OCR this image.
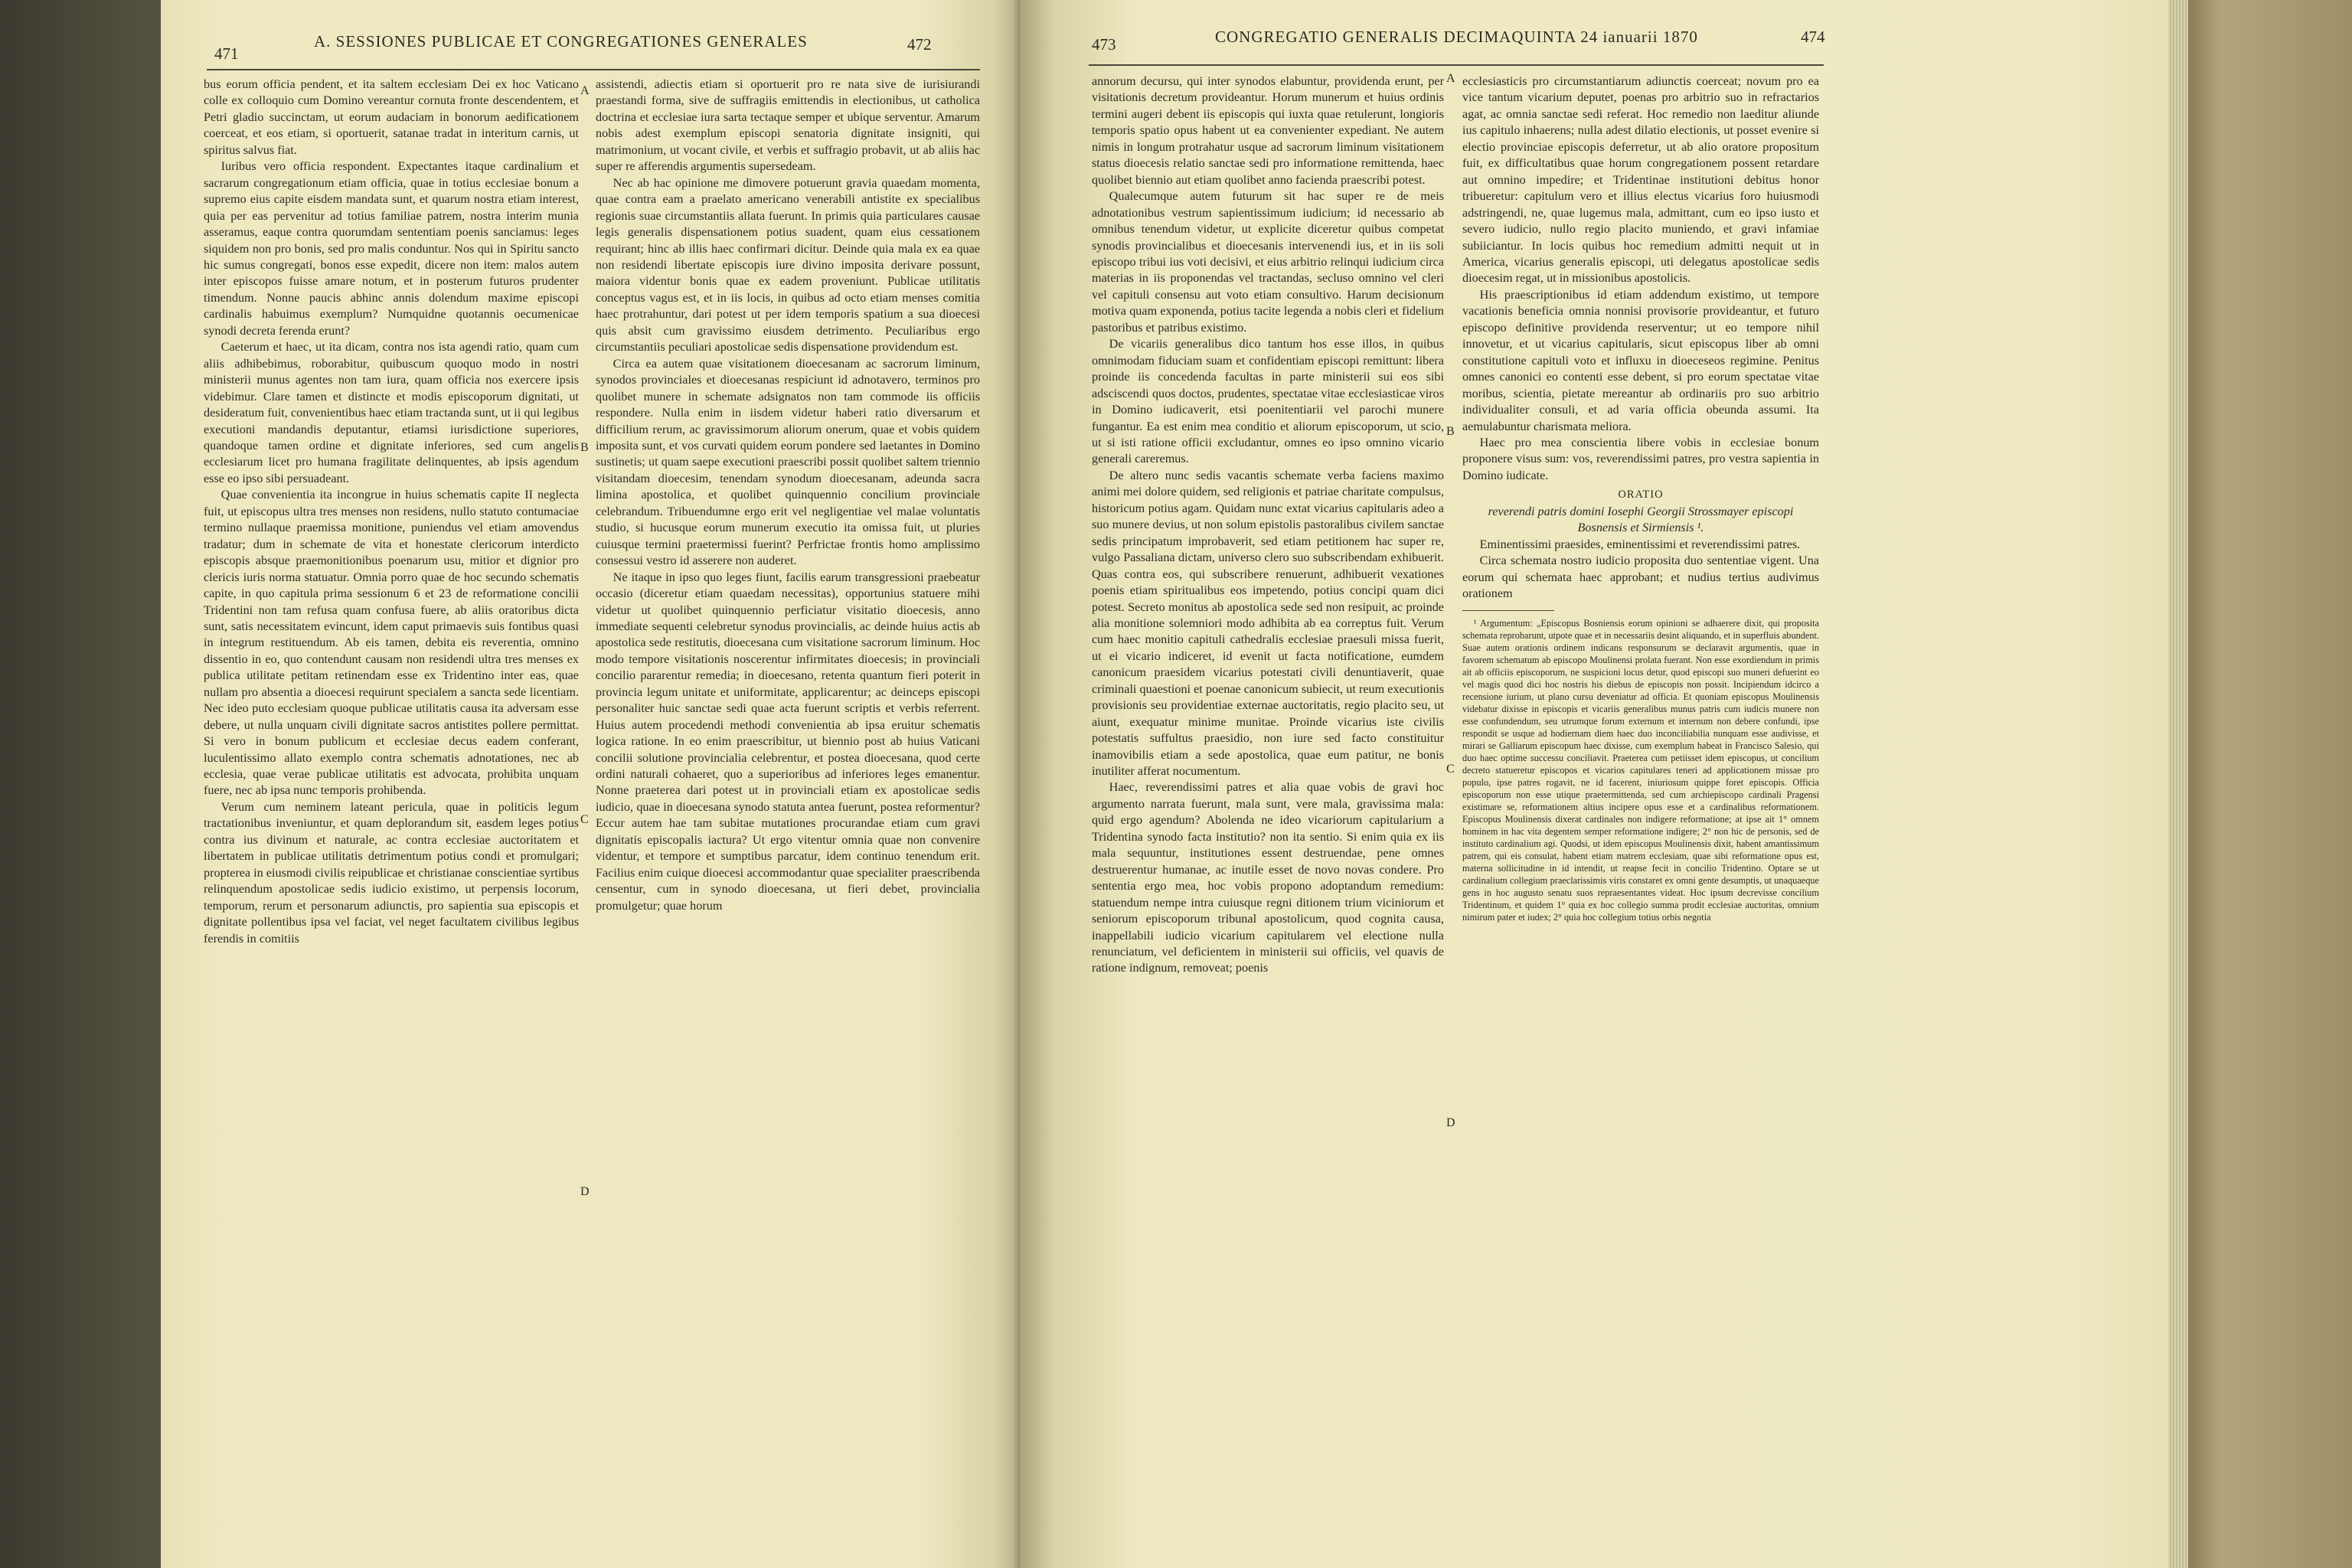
471
A. SESSIONES PUBLICAE ET CONGREGATIONES GENERALES	472

bus eorum officia pendent, et ita saltem ecclesiam Dei ex hoc Vaticano colle ex colloquio cum Domino vereantur cornuta fronte descendentem, et Petri gladio succinctam, ut eorum audaciam in bonorum aedificationem coerceat, et eos etiam, si oportuerit, satanae tradat in interitum carnis, ut spiritus salvus fiat.

Iuribus vero officia respondent. Expectantes itaque cardinalium et sacrarum congregationum etiam officia, quae in totius ecclesiae bonum a supremo eius capite eisdem mandata sunt, et quarum nostra etiam interest, quia per eas pervenitur ad totius familiae patrem, nostra interim munia asseramus, eaque contra quorumdam sententiam poenis sanciamus: leges siquidem non pro bonis, sed pro malis conduntur. Nos qui in Spiritu sancto hic sumus congregati, bonos esse expedit, dicere non item: malos autem inter episcopos fuisse amare notum, et in posterum futuros prudenter timendum. Nonne paucis abhinc annis dolendum maxime episcopi cardinalis habuimus exemplum? Numquidne quotannis oecumenicae synodi decreta ferenda erunt?

Caeterum et haec, ut ita dicam, contra nos ista agendi ratio, quam cum aliis adhibebimus, roborabitur, quibuscum quoquo modo in nostri ministerii munus agentes non tam iura, quam officia nos exercere ipsis videbimur. Clare tamen et distincte et modis episcoporum dignitati, ut desideratum fuit, convenientibus haec etiam tractanda sunt, ut ii qui legibus executioni mandandis deputantur, etiamsi iurisdictione superiores, quandoque tamen ordine et dignitate inferiores, sed cum angelis ecclesiarum licet pro humana fragilitate delinquentes, ab ipsis agendum esse eo ipso sibi persuadeant.

Quae convenientia ita incongrue in huius schematis capite II neglecta fuit, ut episcopus ultra tres menses non residens, nullo statuto contumaciae termino nullaque praemissa monitione, puniendus vel etiam amovendus tradatur; dum in schemate de vita et honestate clericorum interdicto episcopis absque praemonitionibus poenarum usu, mitior et dignior pro clericis iuris norma statuatur. Omnia porro quae de hoc secundo schematis capite, in quo capitula prima sessionum 6 et 23 de reformatione concilii Tridentini non tam refusa quam confusa fuere, ab aliis oratoribus dicta sunt, satis necessitatem evincunt, idem caput primaevis suis fontibus quasi in integrum restituendum. Ab eis tamen, debita eis reverentia, omnino dissentio in eo, quo contendunt causam non residendi ultra tres menses ex publica utilitate petitam retinendam esse ex Tridentino inter eas, quae nullam pro absentia a dioecesi requirunt specialem a sancta sede licentiam. Nec ideo puto ecclesiam quoque publicae utilitatis causa ita adversam esse debere, ut nulla unquam civili dignitate sacros antistites pollere permittat. Si vero in bonum publicum et ecclesiae decus eadem conferant, luculentissimo allato exemplo contra schematis adnotationes, nec ab ecclesia, quae verae publicae utilitatis est advocata, prohibita unquam fuere, nec ab ipsa nunc temporis prohibenda.

Verum cum neminem lateant pericula, quae in politicis legum tractationibus inveniuntur, et quam deplorandum sit, easdem leges potius contra ius divinum et naturale, ac contra ecclesiae auctoritatem et libertatem in publicae utilitatis detrimentum potius condi et promulgari; propterea in eiusmodi civilis reipublicae et christianae conscientiae syrtibus relinquendum apostolicae sedis iudicio existimo, ut perpensis locorum, temporum, rerum et personarum adiunctis, pro sapientia sua episcopis et dignitate pollentibus ipsa vel faciat, vel neget facultatem civilibus legibus ferendis in comitiis

A
B
C
D

assistendi, adiectis etiam si oportuerit pro re nata sive de iurisiurandi praestandi forma, sive de suffragiis emittendis in electionibus, ut catholica doctrina et ecclesiae iura sarta tectaque semper et ubique serventur. Amarum nobis adest exemplum episcopi senatoria dignitate insigniti, qui matrimonium, ut vocant civile, et verbis et suffragio probavit, ut ab aliis hac super re afferendis argumentis supersedeam.

Nec ab hac opinione me dimovere potuerunt gravia quaedam momenta, quae contra eam a praelato americano venerabili antistite ex specialibus regionis suae circumstantiis allata fuerunt. In primis quia particulares causae legis generalis dispensationem potius suadent, quam eius cessationem requirant; hinc ab illis haec confirmari dicitur. Deinde quia mala ex ea quae non residendi libertate episcopis iure divino imposita derivare possunt, maiora videntur bonis quae ex eadem proveniunt. Publicae utilitatis conceptus vagus est, et in iis locis, in quibus ad octo etiam menses comitia haec protrahuntur, dari potest ut per idem temporis spatium a sua dioecesi quis absit cum gravissimo eiusdem detrimento. Peculiaribus ergo circumstantiis peculiari apostolicae sedis dispensatione providendum est.

Circa ea autem quae visitationem dioecesanam ac sacrorum liminum, synodos provinciales et dioecesanas respiciunt id adnotavero, terminos pro quolibet munere in schemate adsignatos non tam commode iis officiis respondere. Nulla enim in iisdem videtur haberi ratio diversarum et difficilium rerum, ac gravissimorum aliorum onerum, quae et vobis quidem imposita sunt, et vos curvati quidem eorum pondere sed laetantes in Domino sustinetis; ut quam saepe executioni praescribi possit quolibet saltem triennio visitandam dioecesim, tenendam synodum dioecesanam, adeunda sacra limina apostolica, et quolibet quinquennio concilium provinciale celebrandum. Tribuendumne ergo erit vel negligentiae vel malae voluntatis studio, si hucusque eorum munerum executio ita omissa fuit, ut pluries cuiusque termini praetermissi fuerint? Perfrictae frontis homo amplissimo consessui vestro id asserere non auderet.

Ne itaque in ipso quo leges fiunt, facilis earum transgressioni praebeatur occasio (diceretur etiam quaedam necessitas), opportunius statuere mihi videtur ut quolibet quinquennio perficiatur visitatio dioecesis, anno immediate sequenti celebretur synodus provincialis, ac deinde huius actis ab apostolica sede restitutis, dioecesana cum visitatione sacrorum liminum. Hoc modo tempore visitationis noscerentur infirmitates dioecesis; in provinciali concilio pararentur remedia; in dioecesano, retenta quantum fieri poterit in provincia legum unitate et uniformitate, applicarentur; ac deinceps episcopi personaliter huic sanctae sedi quae acta fuerunt scriptis et verbis referrent. Huius autem procedendi methodi convenientia ab ipsa eruitur schematis logica ratione. In eo enim praescribitur, ut biennio post ab huius Vaticani concilii solutione provincialia celebrentur, et postea dioecesana, quod certe ordini naturali cohaeret, quo a superioribus ad inferiores leges emanentur. Nonne praeterea dari potest ut in provinciali etiam ex apostolicae sedis iudicio, quae in dioecesana synodo statuta antea fuerunt, postea reformentur? Eccur autem hae tam subitae mutationes procurandae etiam cum gravi dignitatis episcopalis iactura? Ut ergo vitentur omnia quae non convenire videntur, et tempore et sumptibus parcatur, idem continuo tenendum erit. Facilius enim cuique dioecesi accommodantur quae specialiter praescribenda censentur, cum in synodo dioecesana, ut fieri debet, provincialia promulgetur; quae horum

473	CONGREGATIO GENERALIS DECIMAQUINTA 24 ianuarii 1870	474

annorum decursu, qui inter synodos elabuntur, providenda erunt, per visitationis decretum provideantur. Horum munerum et huius ordinis termini augeri debent iis episcopis qui iuxta quae retulerunt, longioris temporis spatio opus habent ut ea convenienter expediant. Ne autem nimis in longum protrahatur usque ad sacrorum liminum visitationem status dioecesis relatio sanctae sedi pro informatione remittenda, haec quolibet biennio aut etiam quolibet anno facienda praescribi potest.

Qualecumque autem futurum sit hac super re de meis adnotationibus vestrum sapientissimum iudicium; id necessario ab omnibus tenendum videtur, ut explicite diceretur quibus competat synodis provincialibus et dioecesanis intervenendi ius, et in iis soli episcopo tribui ius voti decisivi, et eius arbitrio relinqui iudicium circa materias in iis proponendas vel tractandas, secluso omnino vel cleri vel capituli consensu aut voto etiam consultivo. Harum decisionum motiva quam exponenda, potius tacite legenda a nobis cleri et fidelium pastoribus et patribus existimo.

De vicariis generalibus dico tantum hos esse illos, in quibus omnimodam fiduciam suam et confidentiam episcopi remittunt: libera proinde iis concedenda facultas in parte ministerii sui eos sibi adsciscendi quos doctos, prudentes, spectatae vitae ecclesiasticae viros in Domino iudicaverit, etsi poenitentiarii vel parochi munere fungantur. Ea est enim mea conditio et aliorum episcoporum, ut scio, ut si isti ratione officii excludantur, omnes eo ipso omnino vicario generali careremus.

De altero nunc sedis vacantis schemate verba faciens maximo animi mei dolore quidem, sed religionis et patriae charitate compulsus, historicum potius agam. Quidam nunc extat vicarius capitularis adeo a suo munere devius, ut non solum epistolis pastoralibus civilem sanctae sedis principatum improbaverit, sed etiam petitionem hac super re, vulgo Passaliana dictam, universo clero suo subscribendam exhibuerit. Quas contra eos, qui subscribere renuerunt, adhibuerit vexationes poenis etiam spiritualibus eos impetendo, potius concipi quam dici potest. Secreto monitus ab apostolica sede sed non resipuit, ac proinde alia monitione solemniori modo adhibita ab ea correptus fuit. Verum cum haec monitio capituli cathedralis ecclesiae praesuli missa fuerit, ut ei vicario indiceret, id evenit ut facta notificatione, eumdem canonicum praesidem vicarius potestati civili denuntiaverit, quae criminali quaestioni et poenae canonicum subiecit, ut reum executionis provisionis seu providentiae externae auctoritatis, regio placito seu, ut aiunt, exequatur minime munitae. Proinde vicarius iste civilis potestatis suffultus praesidio, non iure sed facto constituitur inamovibilis etiam a sede apostolica, quae eum patitur, ne bonis inutiliter afferat nocumentum.

Haec, reverendissimi patres et alia quae vobis de gravi hoc argumento narrata fuerunt, mala sunt, vere mala, gravissima mala: quid ergo agendum? Abolenda ne ideo vicariorum capitularium a Tridentina synodo facta institutio? non ita sentio. Si enim quia ex iis mala sequuntur, institutiones essent destruendae, pene omnes destruerentur humanae, ac inutile esset de novo novas condere. Pro sententia ergo mea, hoc vobis propono adoptandum remedium: statuendum nempe intra cuiusque regni ditionem trium viciniorum et seniorum episcoporum tribunal apostolicum, quod cognita causa, inappellabili iudicio vicarium capitularem vel electione nulla renunciatum, vel deficientem in ministerii sui officiis, vel quavis de ratione indignum, removeat; poenis

A
B
C
D

ecclesiasticis pro circumstantiarum adiunctis coerceat; novum pro ea vice tantum vicarium deputet, poenas pro arbitrio suo in refractarios agat, ac omnia sanctae sedi referat. Hoc remedio non laeditur aliunde ius capitulo inhaerens; nulla adest dilatio electionis, ut posset evenire si electio provinciae episcopis deferretur, ut ab alio oratore propositum fuit, ex difficultatibus quae horum congregationem possent retardare aut omnino impedire; et Tridentinae institutioni debitus honor tribueretur: capitulum vero et illius electus vicarius foro huiusmodi adstringendi, ne, quae lugemus mala, admittant, cum eo ipso iusto et severo iudicio, nullo regio placito muniendo, et gravi infamiae subiiciantur. In locis quibus hoc remedium admitti nequit ut in America, vicarius generalis episcopi, uti delegatus apostolicae sedis dioecesim regat, ut in missionibus apostolicis.

His praescriptionibus id etiam addendum existimo, ut tempore vacationis beneficia omnia nonnisi provisorie provideantur, et futuro episcopo definitive providenda reserventur; ut eo tempore nihil innovetur, et ut vicarius capitularis, sicut episcopus liber ab omni constitutione capituli voto et influxu in dioeceseos regimine. Penitus omnes canonici eo contenti esse debent, si pro eorum spectatae vitae moribus, scientia, pietate mereantur ab ordinariis pro suo arbitrio individualiter consuli, et ad varia officia obeunda assumi. Ita aemulabuntur charismata meliora.

Haec pro mea conscientia libere vobis in ecclesiae bonum proponere visus sum: vos, reverendissimi patres, pro vestra sapientia in Domino iudicate.

ORATIO
reverendi patris domini Iosephi Georgii Strossmayer episcopi Bosnensis et Sirmiensis ¹.

Eminentissimi praesides, eminentissimi et reverendissimi patres.

Circa schemata nostro iudicio proposita duo sententiae vigent. Una eorum qui schemata haec approbant; et nudius tertius audivimus orationem

¹ Argumentum: „Episcopus Bosniensis eorum opinioni se adhaerere dixit, qui proposita schemata reprobarunt, utpote quae et in necessariis desint aliquando, et in superfluis abundent. Suae autem orationis ordinem indicans responsurum se declaravit argumentis, quae in favorem schematum ab episcopo Moulinensi prolata fuerant. Non esse exordiendum in primis ait ab officiis episcoporum, ne suspicioni locus detur, quod episcopi suo muneri defuerint eo vel magis quod dici hoc nostris his diebus de episcopis non possit. Incipiendum idcirco a recensione iurium, ut plano cursu deveniatur ad officia. Et quoniam episcopus Moulinensis videbatur dixisse in episcopis et vicariis generalibus munus patris cum iudicis munere non esse confundendum, seu utrumque forum externum et internum non debere confundi, ipse respondit se usque ad hodiernam diem haec duo inconciliabilia nunquam esse audivisse, et mirari se Galliarum episcopum haec dixisse, cum exemplum habeat in Francisco Salesio, qui duo haec optime successu conciliavit. Praeterea cum petiisset idem episcopus, ut concilium decreto statueretur episcopos et vicarios capitulares teneri ad applicationem missae pro populo, ipse patres rogavit, ne id facerent, iniuriosum quippe foret episcopis. Officia episcoporum non esse utique praetermittenda, sed cum archiepiscopo cardinali Pragensi existimare se, reformationem altius incipere opus esse et a cardinalibus reformationem. Episcopus Moulinensis dixerat cardinales non indigere reformatione; at ipse ait 1° omnem hominem in hac vita degentem semper reformatione indigere; 2° non hic de personis, sed de instituto cardinalium agi. Quodsi, ut idem episcopus Moulinensis dixit, habent amantissimum patrem, qui eis consulat, habent etiam matrem ecclesiam, quae sibi reformatione opus est, materna sollicitudine in id intendit, ut reapse fecit in concilio Tridentino. Optare se ut cardinalium collegium praeclarissimis viris constaret ex omni gente desumptis, ut unaquaeque gens in hoc augusto senatu suos repraesentantes videat. Hoc ipsum decrevisse concilium Tridentinum, et quidem 1° quia ex hoc collegio summa prodit ecclesiae auctoritas, omnium nimirum pater et iudex; 2° quia hoc collegium totius orbis negotia
